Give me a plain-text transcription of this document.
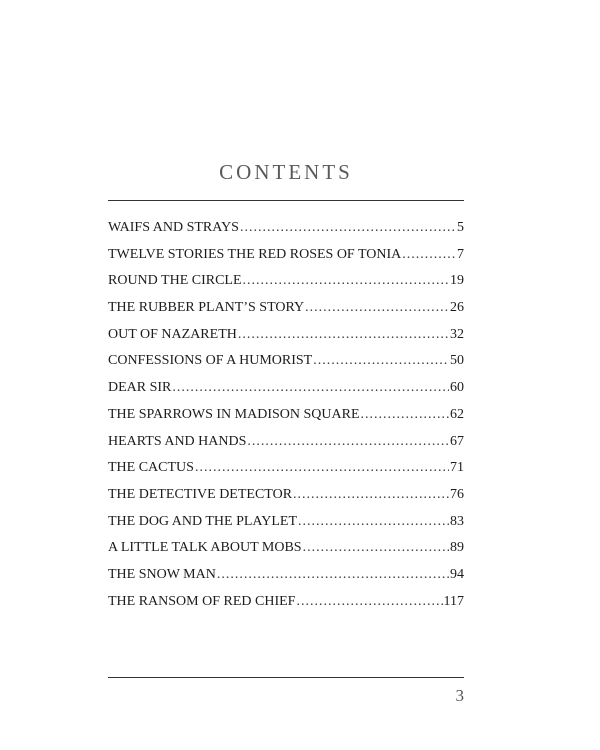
CONTENTS
WAIFS AND STRAYS .....	5
TWELVE STORIES THE RED ROSES OF TONIA .....	7
ROUND THE CIRCLE .....	19
THE RUBBER PLANT’S STORY .....	26
OUT OF NAZARETH .....	32
CONFESSIONS OF A HUMORIST .....	50
DEAR SIR .....	60
THE SPARROWS IN MADISON SQUARE .....	62
HEARTS AND HANDS .....	67
THE CACTUS .....	71
THE DETECTIVE DETECTOR .....	76
THE DOG AND THE PLAYLET .....	83
A LITTLE TALK ABOUT MOBS .....	89
THE SNOW MAN .....	94
THE RANSOM OF RED CHIEF .....	117
3
